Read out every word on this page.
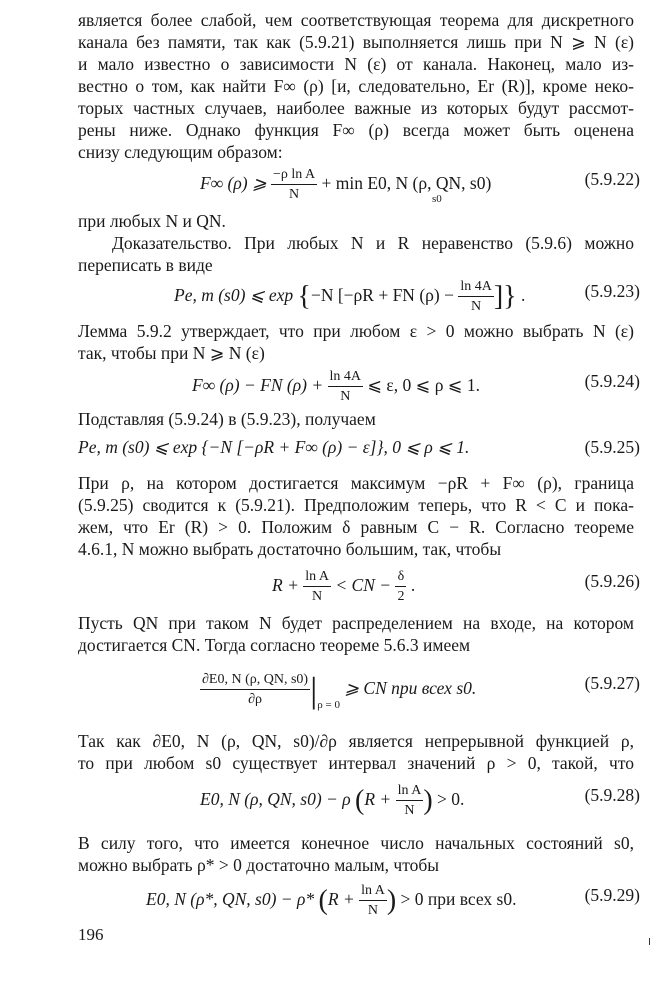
является более слабой, чем соответствующая теорема для дискретного
канала без памяти, так как (5.9.21) выполняется лишь при N ⩾ N (ε)
и мало известно о зависимости N (ε) от канала. Наконец, мало из-
вестно о том, как найти F∞ (ρ) [и, следовательно, Er (R)], кроме неко-
торых частных случаев, наиболее важные из которых будут рассмот-
рены ниже. Однако функция F∞ (ρ) всегда может быть оценена
снизу следующим образом:
F∞ (ρ) ⩾ $\frac{\text{−ρ ln A}}{N} + \min E0$, N (ρ, QN, s0)
s0
(5.9.22)
при любых N и QN.
Доказательство. При любых N и R неравенство (5.9.6) можно
переписать в виде
Pe, m (s0) ⩽ exp {−N [−ρR + FN $(\rho) - \frac{\ln 4A}{N}$ ]} .	(5.9.23)
Лемма 5.9.2 утверждает, что при любом ε > 0 можно выбрать N (ε)
так, чтобы при N ⩾ N (ε)
F∞ (ρ) − FN $(\rho) + \frac{\ln 4A}{N}$ ⩽ ε, 0 ⩽ ρ ⩽ 1.	(5.9.24)
Подставляя (5.9.24) в (5.9.23), получаем
Pe, m (s0) ⩽ exp {−N [−ρR + F∞ (ρ) − ε]}, 0 ⩽ ρ ⩽ 1.	(5.9.25)
При ρ, на котором достигается максимум −ρR + F∞ (ρ), граница
(5.9.25) сводится к (5.9.21). Предположим теперь, что R < C и пока-
жем, что Er (R) > 0. Положим δ равным C − R. Согласно теореме
4.6.1, N можно выбрать достаточно большим, так, чтобы
$R + \frac{\text{ln A}}{N}$ < CN − $\frac{\delta}{2}$ .	(5.9.26)
Пусть QN при таком N будет распределением на входе, на котором
достигается CN. Тогда согласно теореме 5.6.3 имеем
$\frac{\partial E0, N (\rho, QN, s0)}{\partial\rho} |_{\rho = 0}$ ⩾ CN при всех s0.	(5.9.27)
Так как ∂E0, N (ρ, QN, s0)/∂ρ является непрерывной функцией ρ,
то при любом s0 существует интервал значений ρ > 0, такой, что
E0, N (ρ, QN, s0) − ρ ($R + \frac{\text{ln A}}{N}$ ) > 0.	(5.9.28)
В силу того, что имеется конечное число начальных состояний s0,
можно выбрать ρ* > 0 достаточно малым, чтобы
E0, N (ρ*, QN, s0) − ρ* ($R + \frac{\text{ln A}}{N}$ ) > 0 при всех s0.	(5.9.29)
196
